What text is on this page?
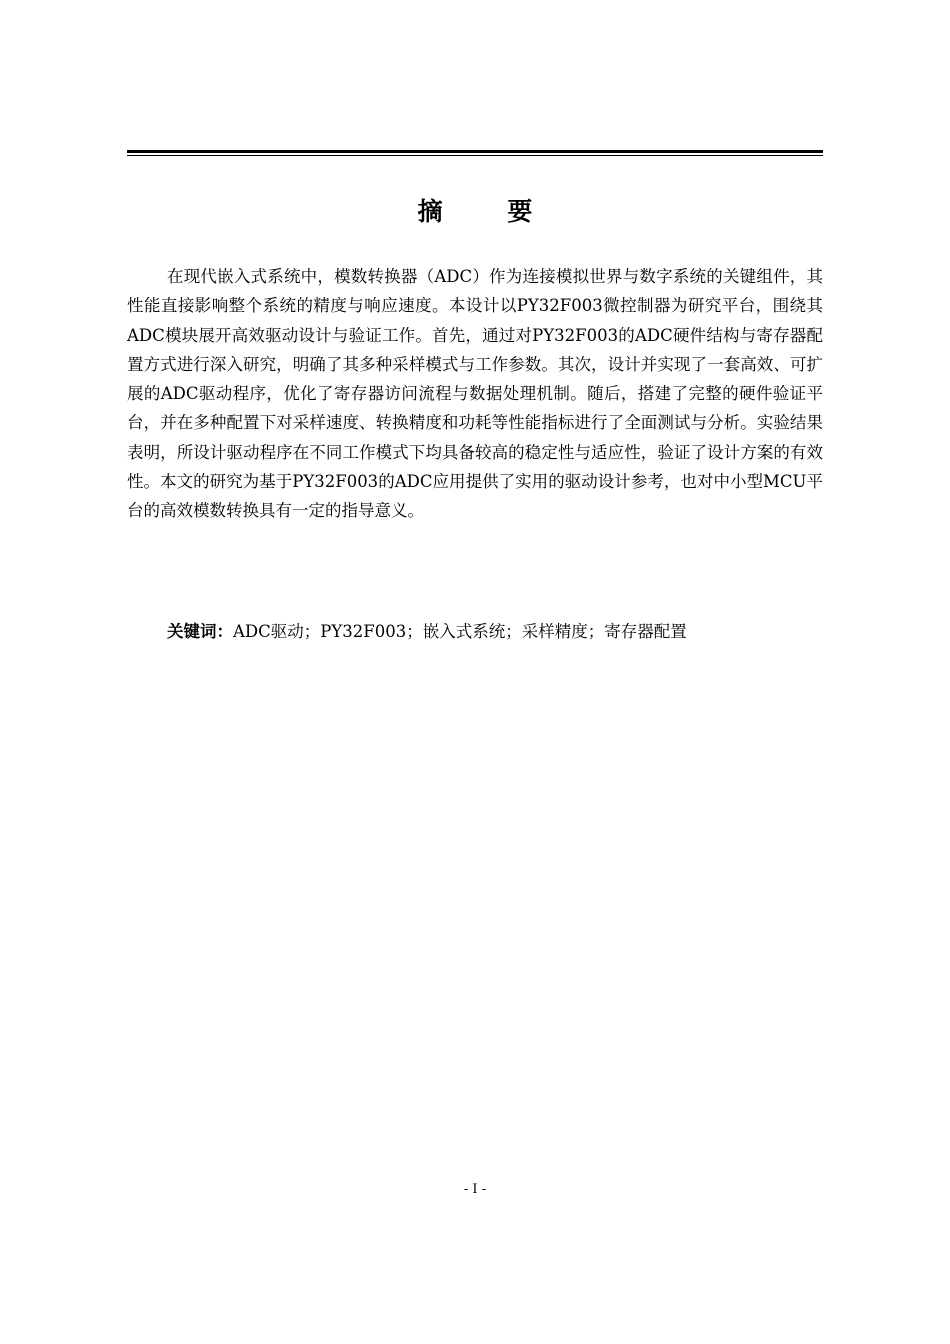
摘 要

在现代嵌入式系统中，模数转换器（ADC）作为连接模拟世界与数字系统的关键组件，其性能直接影响整个系统的精度与响应速度。本设计以PY32F003微控制器为研究平台，围绕其ADC模块展开高效驱动设计与验证工作。首先，通过对PY32F003的ADC硬件结构与寄存器配置方式进行深入研究，明确了其多种采样模式与工作参数。其次，设计并实现了一套高效、可扩展的ADC驱动程序，优化了寄存器访问流程与数据处理机制。随后，搭建了完整的硬件验证平台，并在多种配置下对采样速度、转换精度和功耗等性能指标进行了全面测试与分析。实验结果表明，所设计驱动程序在不同工作模式下均具备较高的稳定性与适应性，验证了设计方案的有效性。本文的研究为基于PY32F003的ADC应用提供了实用的驱动设计参考，也对中小型MCU平台的高效模数转换具有一定的指导意义。

关键词：ADC驱动；PY32F003；嵌入式系统；采样精度；寄存器配置

- I -
